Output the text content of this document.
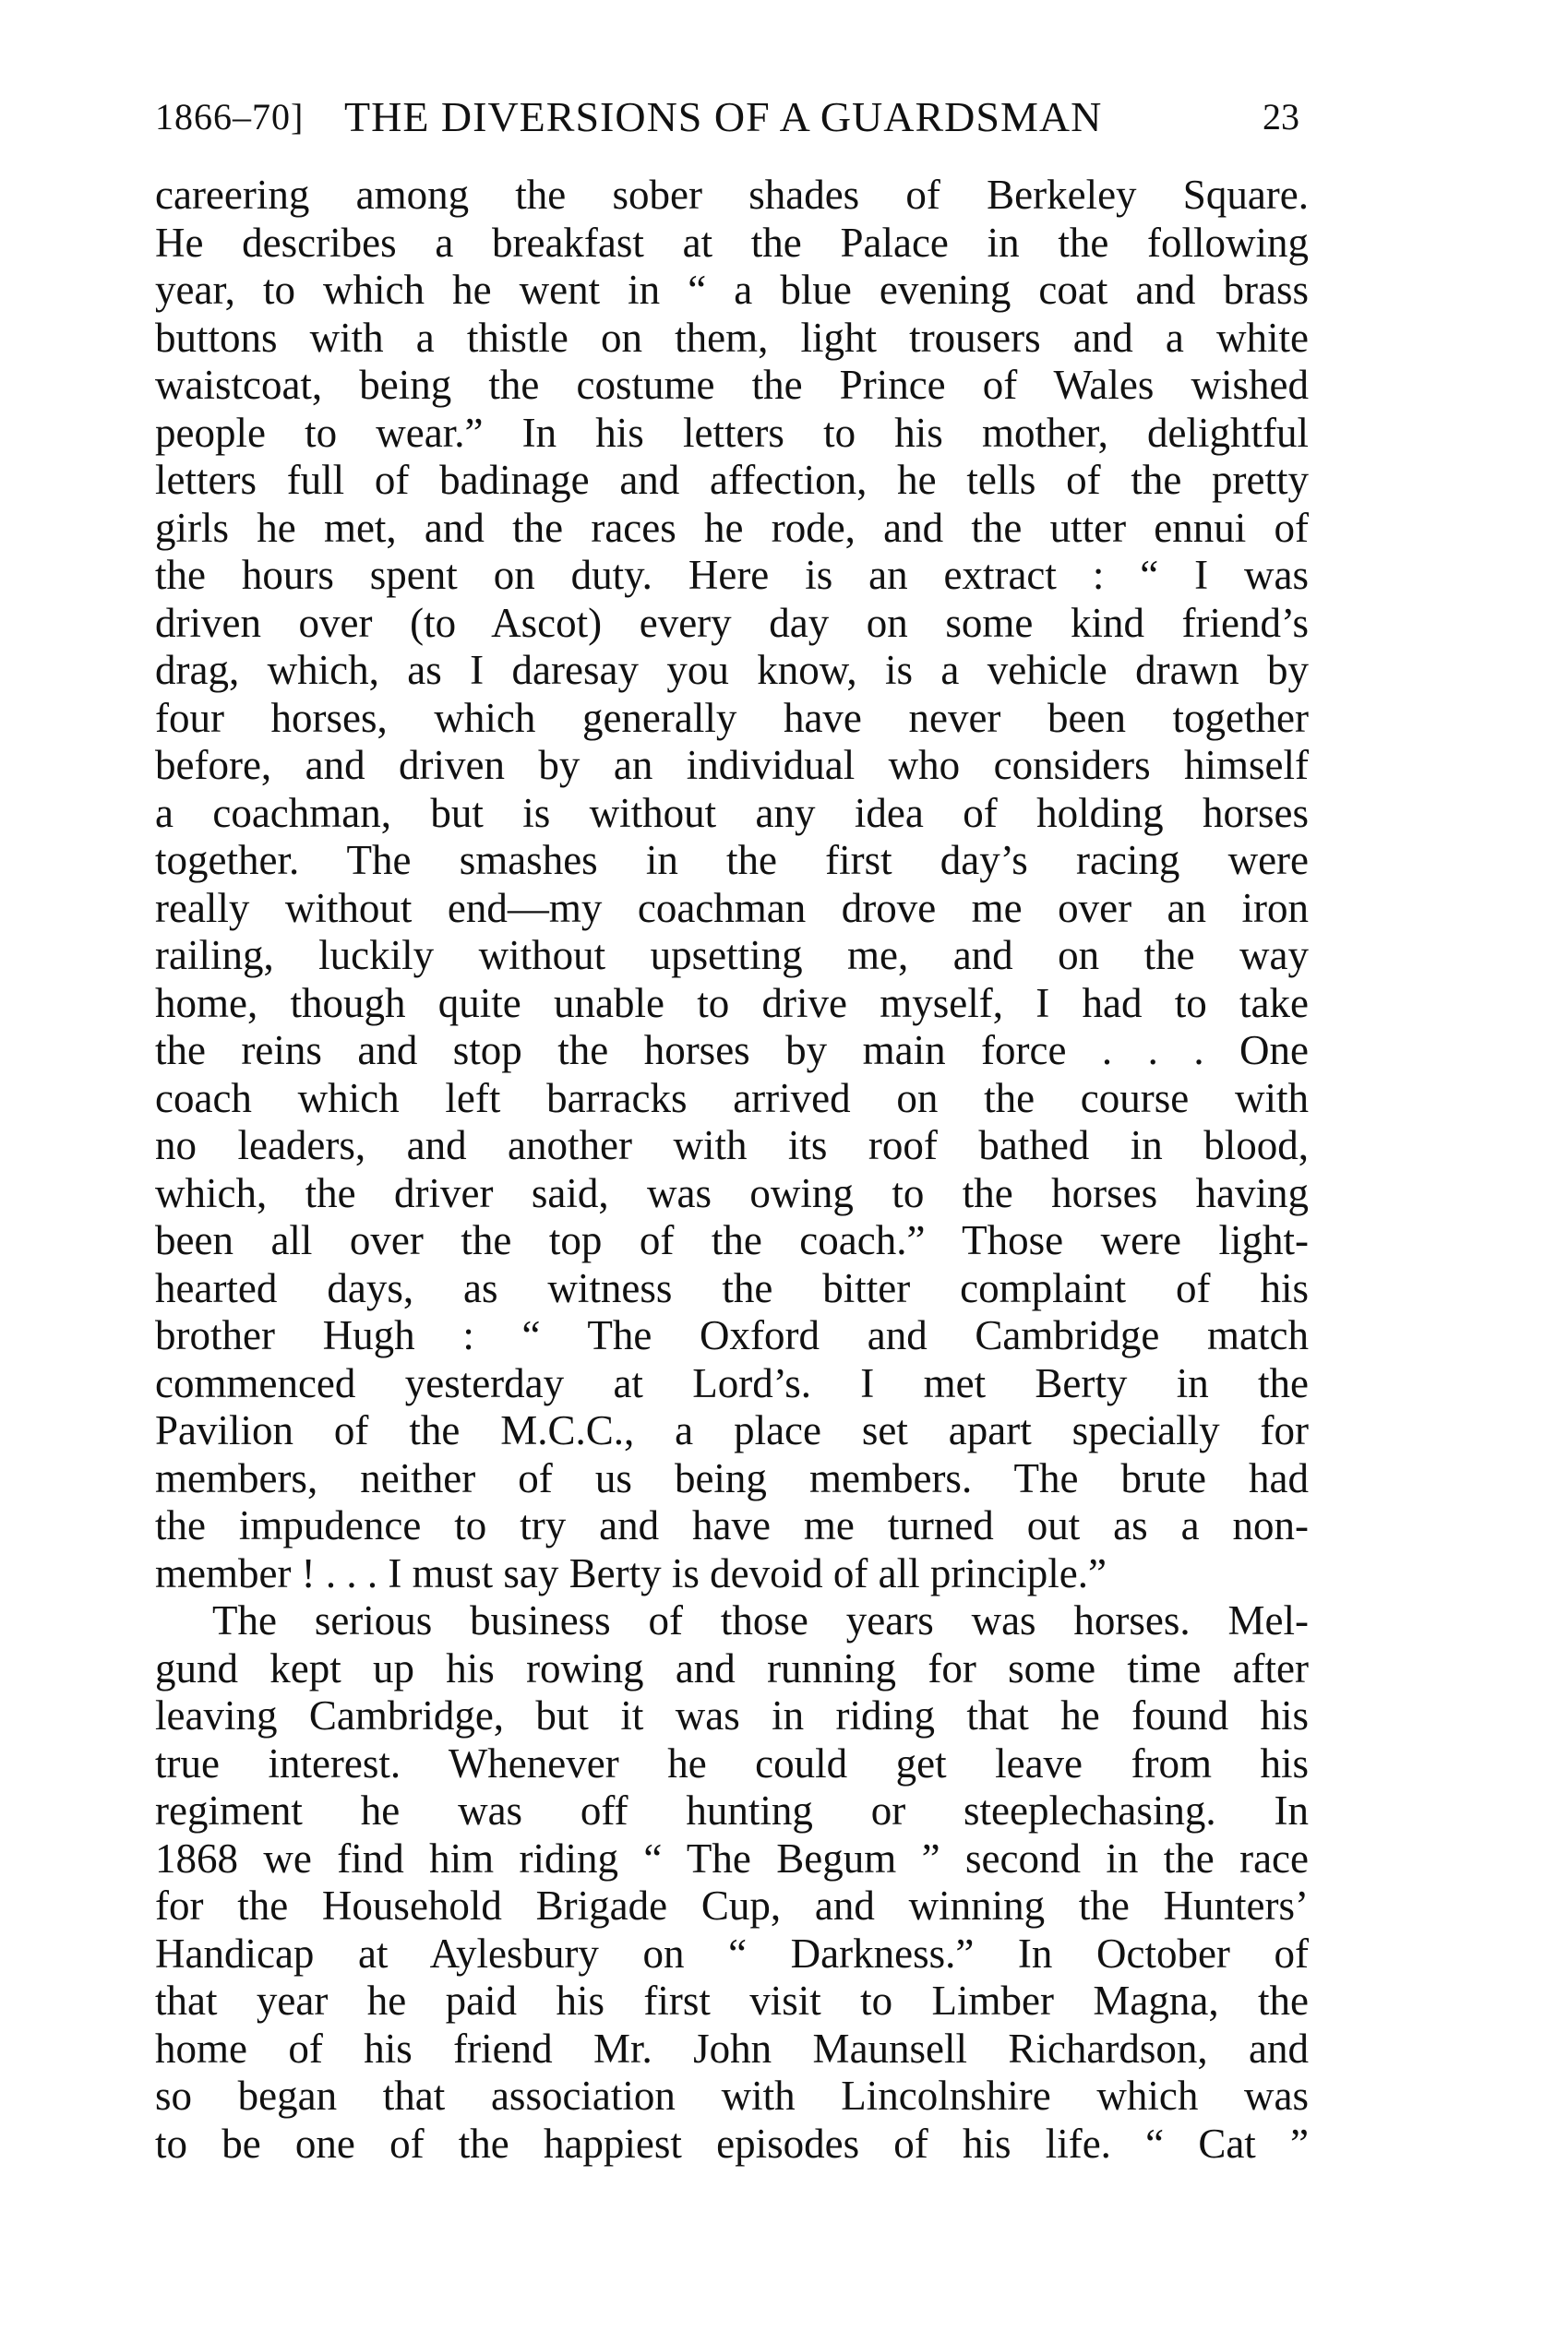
1866–70] THE DIVERSIONS OF A GUARDSMAN	23
careering among the sober shades of Berkeley Square.
He describes a breakfast at the Palace in the following
year, to which he went in “ a blue evening coat and brass
buttons with a thistle on them, light trousers and a white
waistcoat, being the costume the Prince of Wales wished
people to wear.” In his letters to his mother, delightful
letters full of badinage and affection, he tells of the pretty
girls he met, and the races he rode, and the utter ennui of
the hours spent on duty. Here is an extract : “ I was
driven over (to Ascot) every day on some kind friend’s
drag, which, as I daresay you know, is a vehicle drawn by
four horses, which generally have never been together
before, and driven by an individual who considers himself
a coachman, but is without any idea of holding horses
together. The smashes in the first day’s racing were
really without end—my coachman drove me over an iron
railing, luckily without upsetting me, and on the way
home, though quite unable to drive myself, I had to take
the reins and stop the horses by main force . . . One
coach which left barracks arrived on the course with
no leaders, and another with its roof bathed in blood,
which, the driver said, was owing to the horses having
been all over the top of the coach.” Those were light-
hearted days, as witness the bitter complaint of his
brother Hugh : “ The Oxford and Cambridge match
commenced yesterday at Lord’s. I met Berty in the
Pavilion of the M.C.C., a place set apart specially for
members, neither of us being members. The brute had
the impudence to try and have me turned out as a non-
member ! . . . I must say Berty is devoid of all principle.”
The serious business of those years was horses. Mel-
gund kept up his rowing and running for some time after
leaving Cambridge, but it was in riding that he found his
true interest. Whenever he could get leave from his
regiment he was off hunting or steeplechasing. In
1868 we find him riding “ The Begum ” second in the race
for the Household Brigade Cup, and winning the Hunters’
Handicap at Aylesbury on “ Darkness.” In October of
that year he paid his first visit to Limber Magna, the
home of his friend Mr. John Maunsell Richardson, and
so began that association with Lincolnshire which was
to be one of the happiest episodes of his life. “ Cat ”
